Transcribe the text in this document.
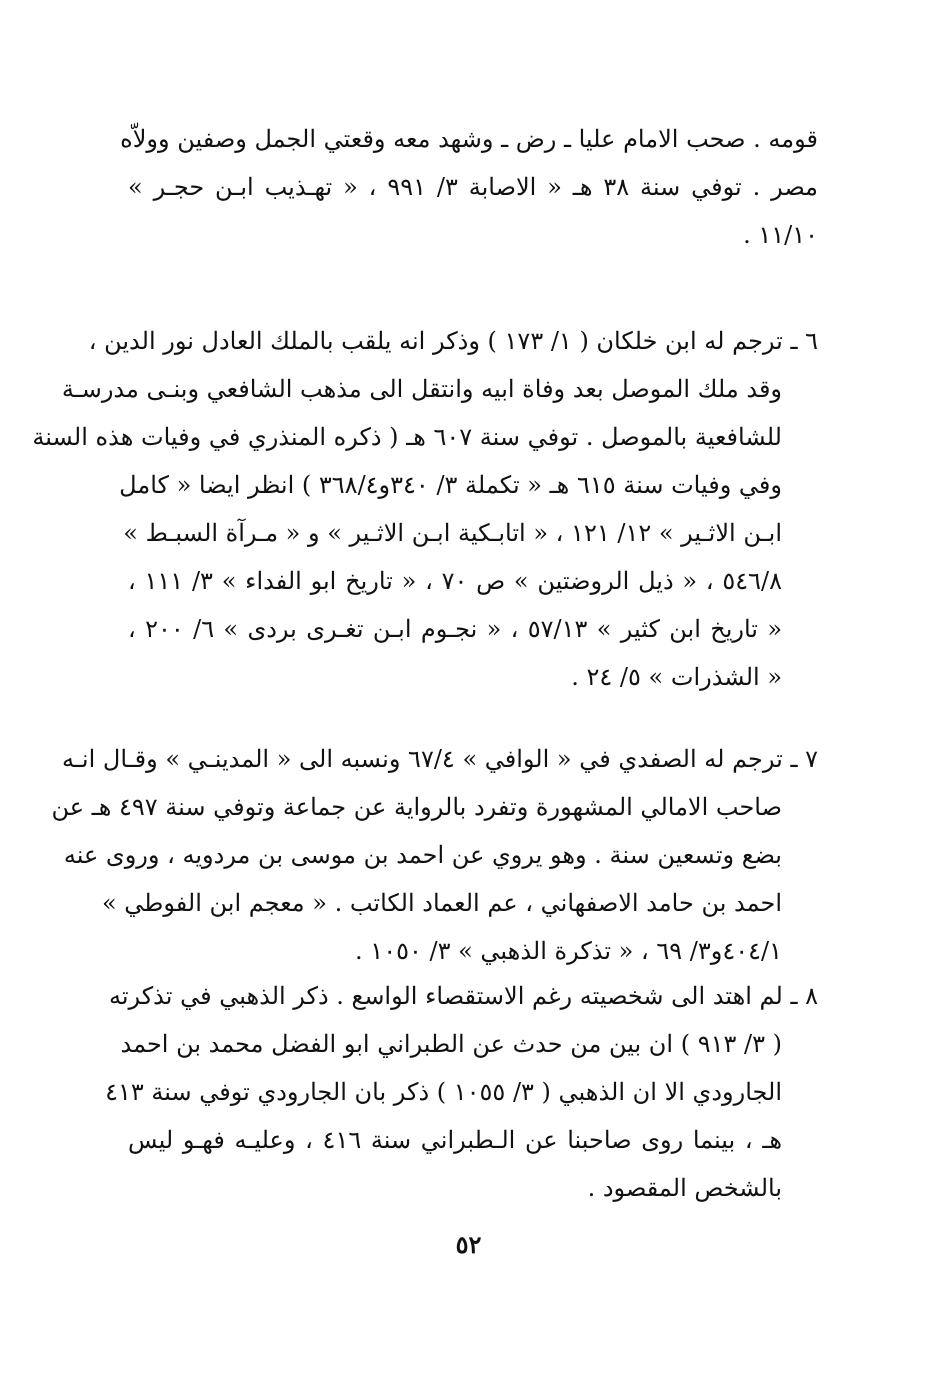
قومه . صحب الامام عليا ـ رض ـ وشهد معه وقعتي الجمل وصفين وولاّه
مصر . توفي سنة ٣٨ هـ « الاصابة ٣/ ٩٩١ ، « تهـذيب ابـن حجـر »
١١/١٠ .
٦ ـ ترجم له ابن خلكان ( ١/ ١٧٣ ) وذكر انه يلقب بالملك العادل نور الدين ،
وقد ملك الموصل بعد وفاة ابيه وانتقل الى مذهب الشافعي وبنـى مدرسـة
للشافعية بالموصل . توفي سنة ٦٠٧ هـ ( ذكره المنذري في وفيات هذه السنة
وفي وفيات سنة ٦١٥ هـ « تكملة ٣/ ٣٤٠و٣٦٨/٤ ) انظر ايضا « كامل
ابـن الاثـير » ١٢/ ١٢١ ، « اتابـكية ابـن الاثـير » و « مـرآة السبـط »
٥٤٦/٨ ، « ذيل الروضتين » ص ٧٠ ، « تاريخ ابو الفداء » ٣/ ١١١ ،
« تاريخ ابن كثير » ٥٧/١٣ ، « نجـوم ابـن تغـرى بردى » ٦/ ٢٠٠ ،
« الشذرات » ٥/ ٢٤ .
٧ ـ ترجم له الصفدي في « الوافي » ٦٧/٤ ونسبه الى « المدينـي » وقـال انـه
صاحب الامالي المشهورة وتفرد بالرواية عن جماعة وتوفي سنة ٤٩٧ هـ عن
بضع وتسعين سنة . وهو يروي عن احمد بن موسى بن مردويه ، وروى عنه
احمد بن حامد الاصفهاني ، عم العماد الكاتب . « معجم ابن الفوطي »
٤٠٤/١و٣/ ٦٩ ، « تذكرة الذهبي » ٣/ ١٠٥٠ .
٨ ـ لم اهتد الى شخصيته رغم الاستقصاء الواسع . ذكر الذهبي في تذكرته
( ٣/ ٩١٣ ) ان بين من حدث عن الطبراني ابو الفضل محمد بن احمد
الجارودي الا ان الذهبي ( ٣/ ١٠٥٥ ) ذكر بان الجارودي توفي سنة ٤١٣
هـ ، بينما روى صاحبنا عن الـطبراني سنة ٤١٦ ، وعليـه فهـو ليس
بالشخص المقصود .
٥٢
